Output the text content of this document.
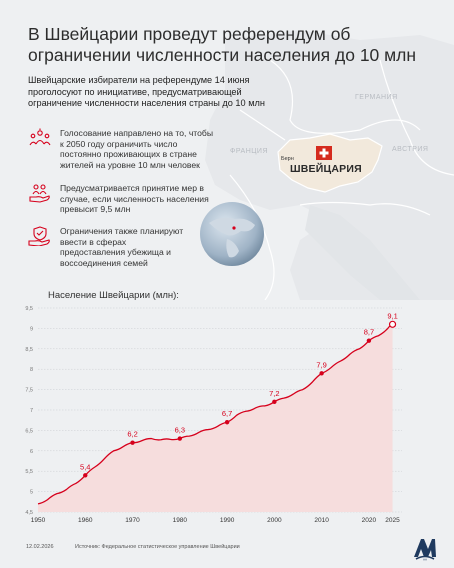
ГЕРМАНИЯ
ФРАНЦИЯ	АВСТРИЯ
Берн
ШВЕЙЦАРИЯ
В Швейцарии проведут референдум об ограничении численности населения до 10 млн

Швейцарские избиратели на референдуме 14 июня проголосуют по инициативе, предусматривающей ограничение численности населения страны до 10 млн

Голосование направлено на то, чтобы к 2050 году ограничить число постоянно проживающих в стране жителей на уровне 10 млн человек
Предусматривается принятие мер в случае, если численность населения превысит 9,5 млн
Ограничения также планируют ввести в сферах предоставления убежища и воссоединения семей
Население Швейцарии (млн):
4,5
5
5,5
6
6,5
7
7,5
8
8,5
9
9,5
1950	1960	1970	1980	1990	2000	2010	2020 2025
5,4
6,2	6,3
6,7
7,2
7,9
8,7
9,1
12.02.2026	Источник: Федеральное статистическое управление Швейцарии
AA
